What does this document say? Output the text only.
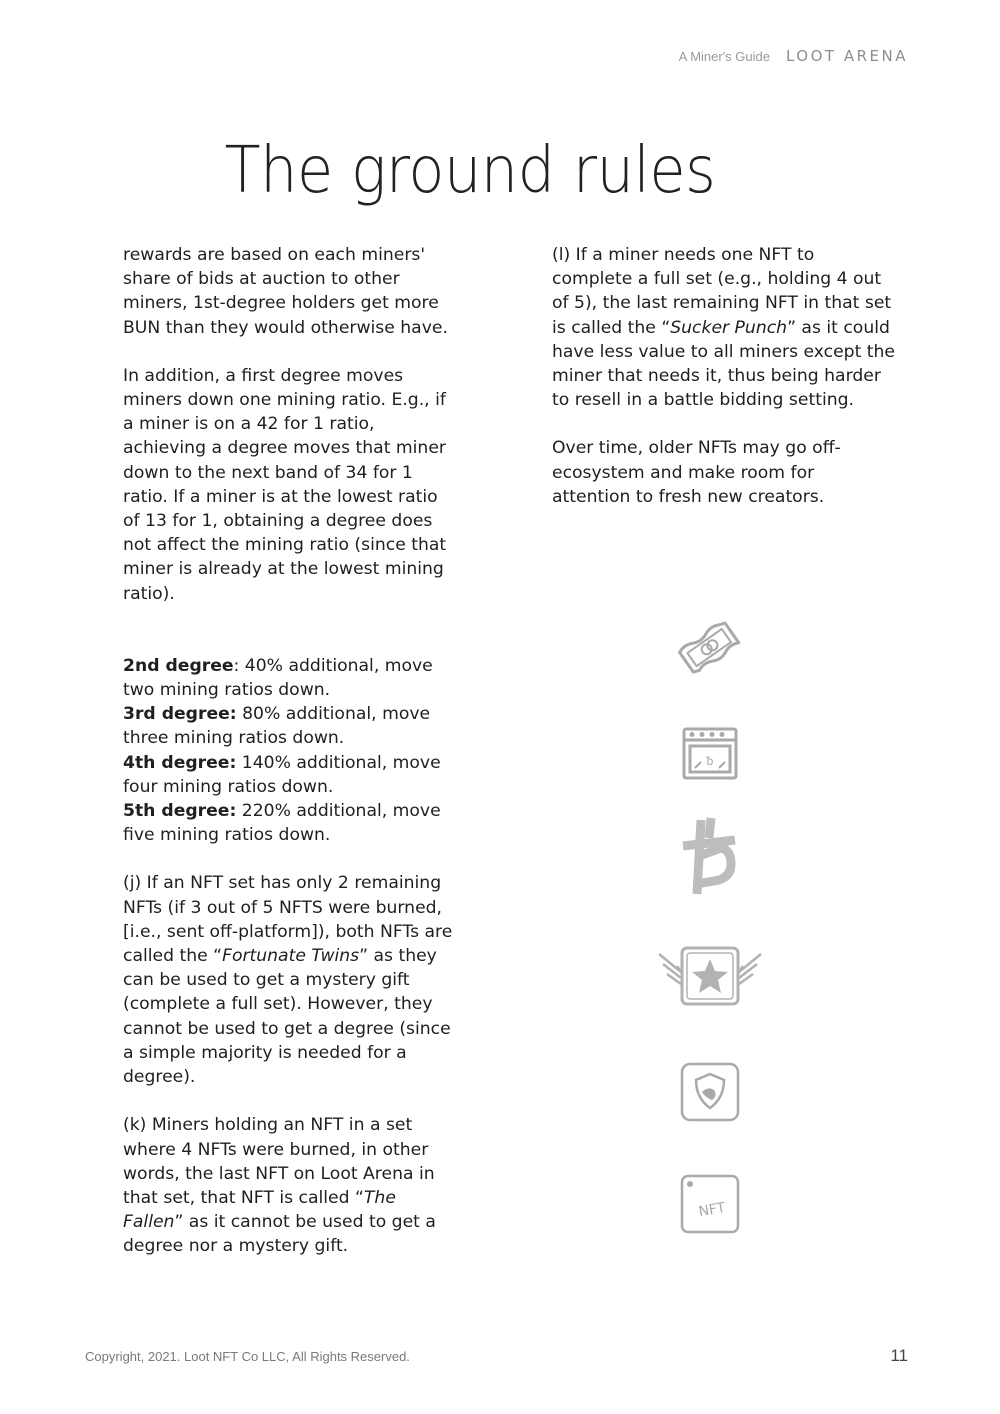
A Miner's Guide LOOT ARENA
The ground rules

rewards are based on each miners' share of bids at auction to other miners, 1st-degree holders get more BUN than they would otherwise have.

In addition, a first degree moves miners down one mining ratio. E.g., if a miner is on a 42 for 1 ratio, achieving a degree moves that miner down to the next band of 34 for 1 ratio. If a miner is at the lowest ratio of 13 for 1, obtaining a degree does not affect the mining ratio (since that miner is already at the lowest mining ratio).

2nd degree: 40% additional, move two mining ratios down.

3rd degree: 80% additional, move three mining ratios down.

4th degree: 140% additional, move four mining ratios down.

5th degree: 220% additional, move five mining ratios down.

(j) If an NFT set has only 2 remaining NFTs (if 3 out of 5 NFTS were burned, [i.e., sent off-platform]), both NFTs are called the “Fortunate Twins” as they can be used to get a mystery gift (complete a full set). However, they cannot be used to get a degree (since a simple majority is needed for a degree).

(k) Miners holding an NFT in a set where 4 NFTs were burned, in other words, the last NFT on Loot Arena in that set, that NFT is called “The Fallen” as it cannot be used to get a degree nor a mystery gift.

(l) If a miner needs one NFT to complete a full set (e.g., holding 4 out of 5), the last remaining NFT in that set is called the “Sucker Punch” as it could have less value to all miners except the miner that needs it, thus being harder to resell in a battle bidding setting.

Over time, older NFTs may go off-ecosystem and make room for attention to fresh new creators.

ᵬ
NFT
Copyright, 2021. Loot NFT Co LLC, All Rights Reserved.	11
